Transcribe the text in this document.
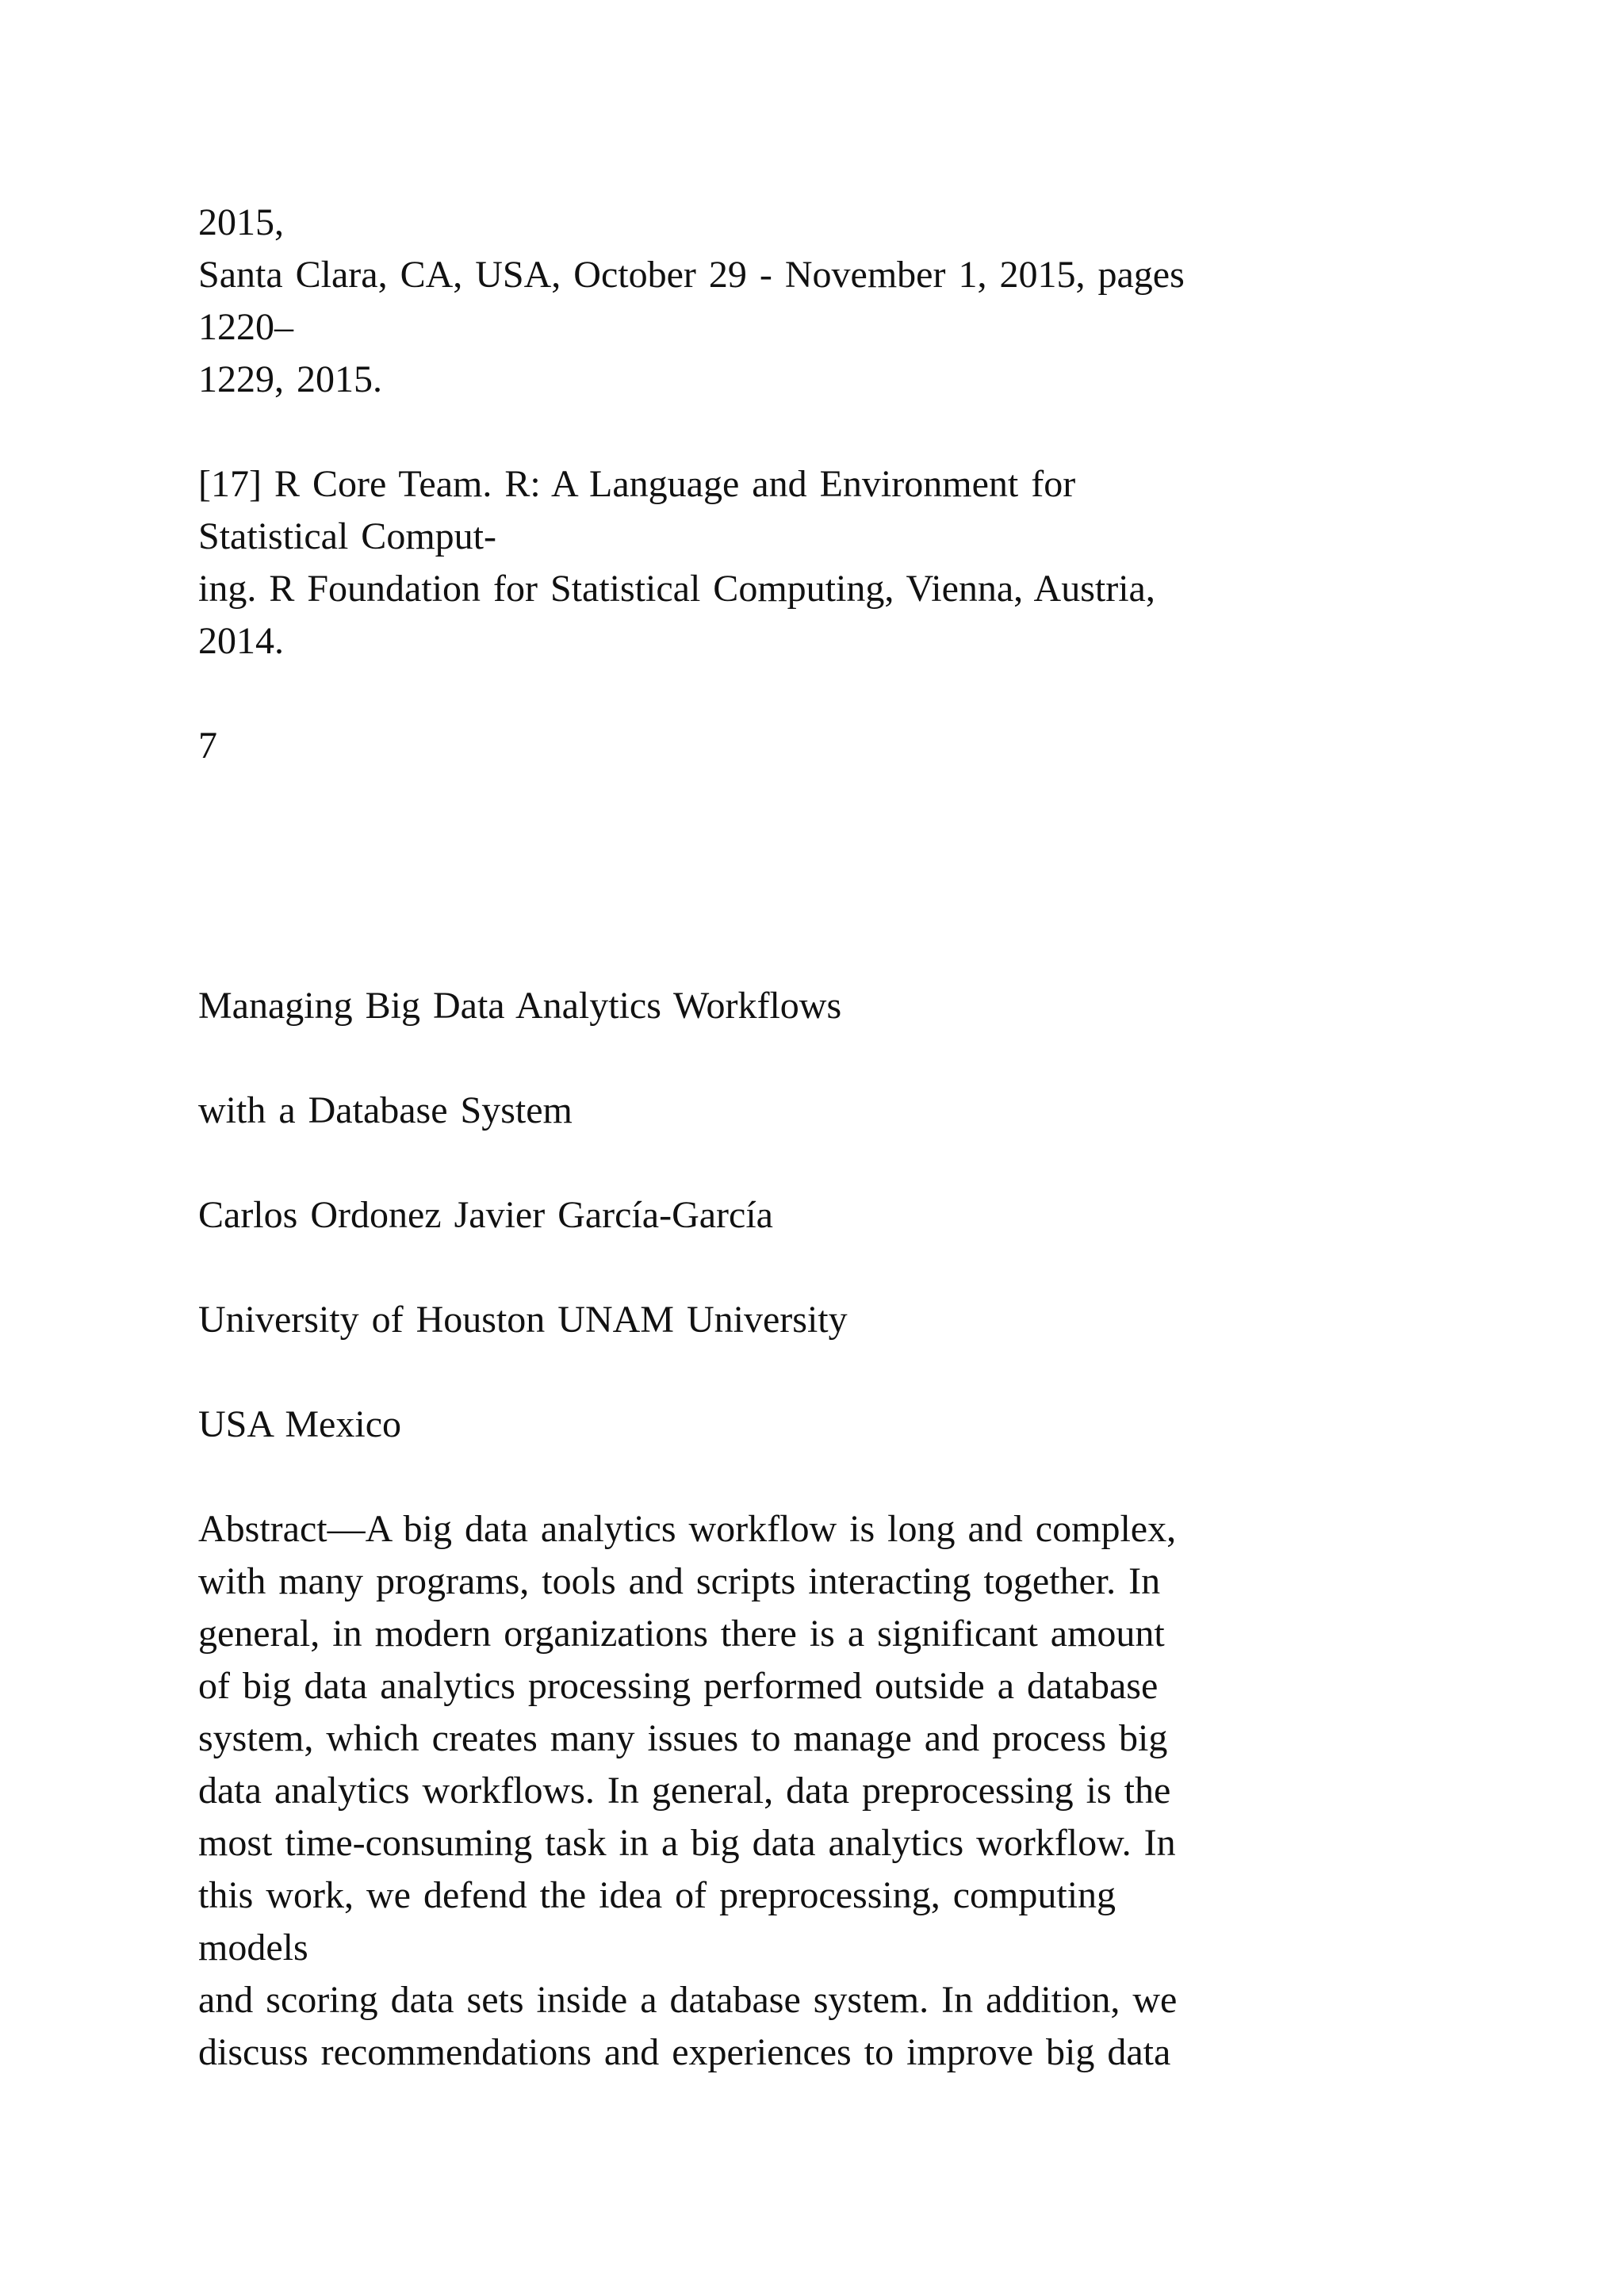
2015,
Santa Clara, CA, USA, October 29 - November 1, 2015, pages
1220–
1229, 2015.
[17] R Core Team. R: A Language and Environment for
Statistical Comput-
ing. R Foundation for Statistical Computing, Vienna, Austria,
2014.
7
Managing Big Data Analytics Workflows
with a Database System
Carlos Ordonez Javier García-García
University of Houston UNAM University
USA Mexico
Abstract—A big data analytics workflow is long and complex,
with many programs, tools and scripts interacting together. In
general, in modern organizations there is a significant amount
of big data analytics processing performed outside a database
system, which creates many issues to manage and process big
data analytics workflows. In general, data preprocessing is the
most time-consuming task in a big data analytics workflow. In
this work, we defend the idea of preprocessing, computing
models
and scoring data sets inside a database system. In addition, we
discuss recommendations and experiences to improve big data
